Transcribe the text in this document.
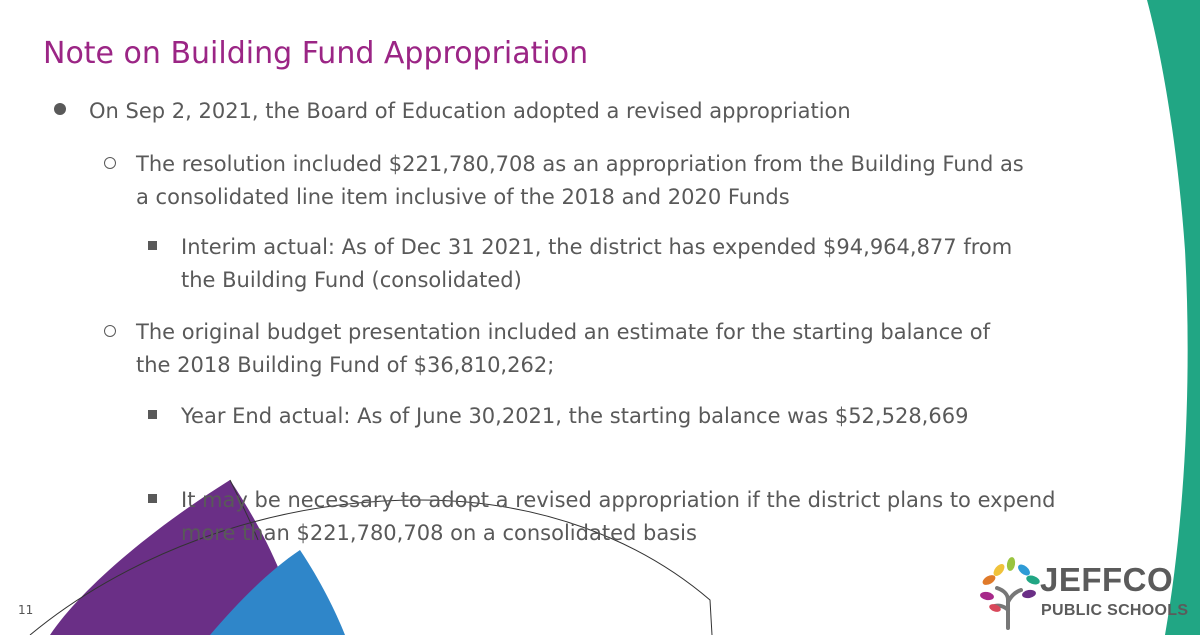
Note on Building Fund Appropriation
On Sep 2, 2021, the Board of Education adopted a revised appropriation
The resolution included $221,780,708 as an appropriation from the Building Fund as a consolidated line item inclusive of the 2018 and 2020 Funds
Interim actual: As of Dec 31 2021, the district has expended $94,964,877 from the Building Fund (consolidated)
The original budget presentation included an estimate for the starting balance of the 2018 Building Fund of $36,810,262;
Year End actual: As of June 30,2021, the starting balance was $52,528,669
It may be necessary to adopt a revised appropriation if the district plans to expend more than $221,780,708 on a consolidated basis
11
JEFFCO
PUBLIC SCHOOLS
